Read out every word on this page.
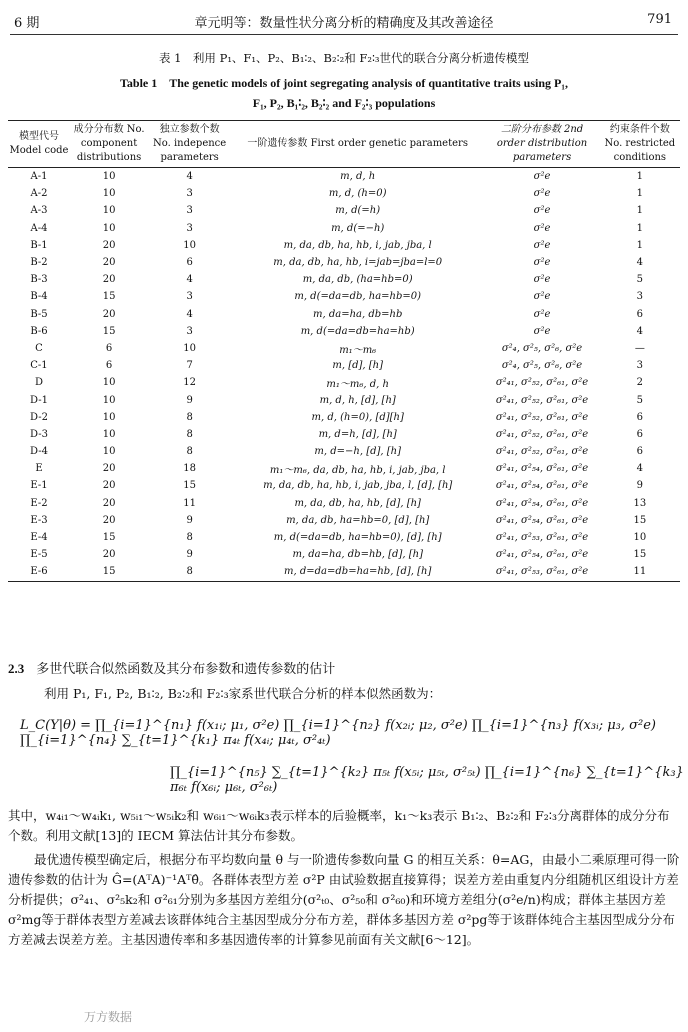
6 期	章元明等：数量性状分离分析的精确度及其改善途径	791
表 1　利用 P₁、F₁、P₂、B₁∶₂、B₂∶₂和 F₂∶₃世代的联合分离分析遗传模型
Table 1　The genetic models of joint segregating analysis of quantitative traits using P₁,
F₁, P₂, B₁∶₂, B₂∶₂ and F₂∶₃ populations
模型代号 Model code	成分分布数 No. component distributions	独立参数个数 No. indepence parameters	一阶遗传参数 First order genetic parameters	二阶分布参数 2nd order distribution parameters	约束条件个数 No. restricted conditions
A-1	10	4	m, d, h	σ²e	1
A-2	10	3	m, d, (h=0)	σ²e	1
A-3	10	3	m, d(=h)	σ²e	1
A-4	10	3	m, d(=−h)	σ²e	1
B-1	20	10	m, da, db, ha, hb, i, jab, jba, l	σ²e	1
B-2	20	6	m, da, db, ha, hb, i=jab=jba=l=0	σ²e	4
B-3	20	4	m, da, db, (ha=hb=0)	σ²e	5
B-4	15	3	m, d(=da=db, ha=hb=0)	σ²e	3
B-5	20	4	m, da=ha, db=hb	σ²e	6
B-6	15	3	m, d(=da=db=ha=hb)	σ²e	4
C	6	10	m₁～m₆	σ²₄, σ²₅, σ²₆, σ²e	—
C-1	6	7	m, [d], [h]	σ²₄, σ²₅, σ²₆, σ²e	3
D	10	12	m₁～m₆, d, h	σ²₄₁, σ²₅₂, σ²₆₁, σ²e	2
D-1	10	9	m, d, h, [d], [h]	σ²₄₁, σ²₅₂, σ²₆₁, σ²e	5
D-2	10	8	m, d, (h=0), [d][h]	σ²₄₁, σ²₅₂, σ²₆₁, σ²e	6
D-3	10	8	m, d=h, [d], [h]	σ²₄₁, σ²₅₂, σ²₆₁, σ²e	6
D-4	10	8	m, d=−h, [d], [h]	σ²₄₁, σ²₅₂, σ²₆₁, σ²e	6
E	20	18	m₁～m₆, da, db, ha, hb, i, jab, jba, l	σ²₄₁, σ²₅₄, σ²₆₁, σ²e	4
E-1	20	15	m, da, db, ha, hb, i, jab, jba, l, [d], [h]	σ²₄₁, σ²₅₄, σ²₆₁, σ²e	9
E-2	20	11	m, da, db, ha, hb, [d], [h]	σ²₄₁, σ²₅₄, σ²₆₁, σ²e	13
E-3	20	9	m, da, db, ha=hb=0, [d], [h]	σ²₄₁, σ²₅₄, σ²₆₁, σ²e	15
E-4	15	8	m, d(=da=db, ha=hb=0), [d], [h]	σ²₄₁, σ²₅₃, σ²₆₁, σ²e	10
E-5	20	9	m, da=ha, db=hb, [d], [h]	σ²₄₁, σ²₅₄, σ²₆₁, σ²e	15
E-6	15	8	m, d=da=db=ha=hb, [d], [h]	σ²₄₁, σ²₅₃, σ²₆₁, σ²e	11
2.3 多世代联合似然函数及其分布参数和遗传参数的估计
利用 P₁, F₁, P₂, B₁∶₂, B₂∶₂和 F₂∶₃家系世代联合分析的样本似然函数为：
L_C(Y|θ) = ∏_{i=1}^{n₁} f(x₁ᵢ; μ₁, σ²e) ∏_{i=1}^{n₂} f(x₂ᵢ; μ₂, σ²e) ∏_{i=1}^{n₃} f(x₃ᵢ; μ₃, σ²e) ∏_{i=1}^{n₄} ∑_{t=1}^{k₁} π₄ₜ f(x₄ᵢ; μ₄ₜ, σ²₄ₜ)
∏_{i=1}^{n₅} ∑_{t=1}^{k₂} π₅ₜ f(x₅ᵢ; μ₅ₜ, σ²₅ₜ) ∏_{i=1}^{n₆} ∑_{t=1}^{k₃} π₆ₜ f(x₆ᵢ; μ₆ₜ, σ²₆ₜ)
其中，w₄ᵢ₁～w₄ᵢk₁, w₅ᵢ₁～w₅ᵢk₂和 w₆ᵢ₁～w₆ᵢk₃表示样本的后验概率，k₁～k₃表示 B₁∶₂、B₂∶₂和 F₂∶₃分离群体的成分分布个数。利用文献[13]的 IECM 算法估计其分布参数。
最优遗传模型确定后，根据分布平均数向量 θ 与一阶遗传参数向量 G 的相互关系：θ=AG，由最小二乘原理可得一阶遗传参数的估计为 Ĝ=(AᵀA)⁻¹Aᵀθ̂。各群体表型方差 σ²P 由试验数据直接算得；误差方差由重复内分组随机区组设计方差分析提供；σ²₄₁、σ²₅k₂和 σ²₆₁分别为多基因方差组分(σ²ₜ₀、σ²₅₀和 σ²₆₀)和环境方差组分(σ²e/n)构成；群体主基因方差 σ²mg等于群体表型方差减去该群体纯合主基因型成分分布方差，群体多基因方差 σ²pg等于该群体纯合主基因型成分分布方差减去误差方差。主基因遗传率和多基因遗传率的计算参见前面有关文献[6～12]。
万方数据
